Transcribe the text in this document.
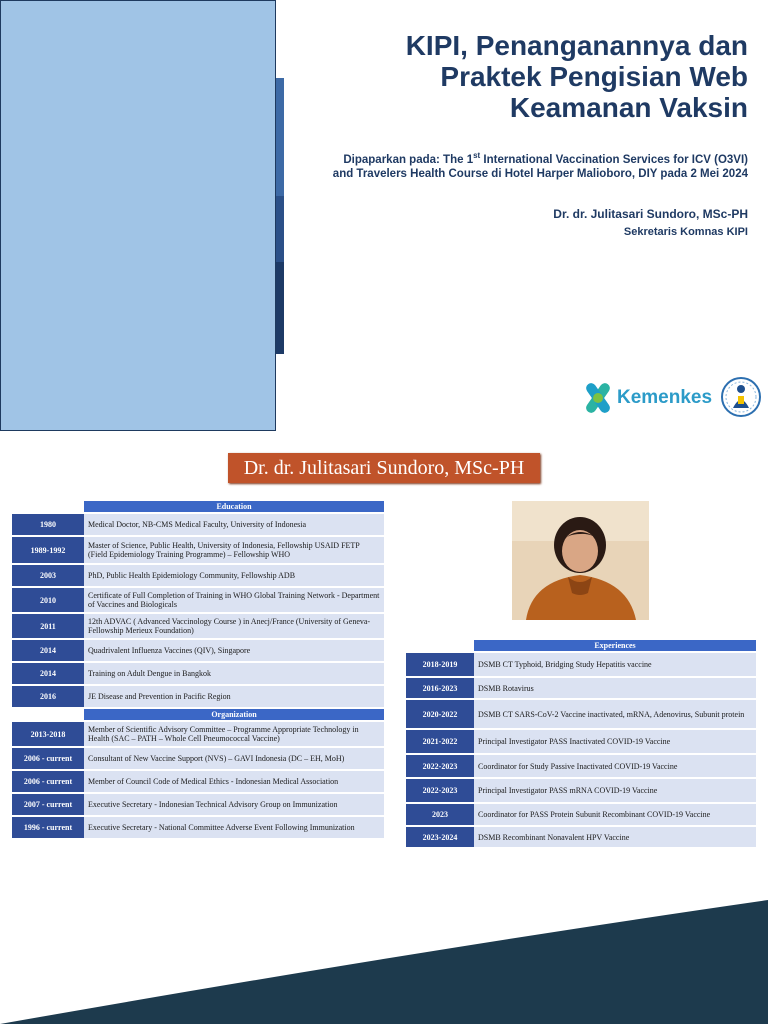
KIPI, Penanganannya dan
Praktek Pengisian Web
Keamanan Vaksin
Dipaparkan pada: The 1st International Vaccination Services for ICV (O3VI)
and Travelers Health Course di Hotel Harper Malioboro, DIY pada 2 Mei 2024
Dr. dr. Julitasari Sundoro, MSc-PH
Sekretaris Komnas KIPI
Kemenkes
Dr. dr. Julitasari Sundoro, MSc-PH
	Education
1980	Medical Doctor, NB-CMS Medical Faculty, University of Indonesia
1989-1992	Master of Science, Public Health, University of Indonesia, Fellowship USAID FETP (Field Epidemiology Training Programme) – Fellowship WHO
2003	PhD, Public Health Epidemiology Community, Fellowship ADB
2010	Certificate of Full Completion of Training in WHO Global Training Network - Department of Vaccines and Biologicals
2011	12th ADVAC ( Advanced Vaccinology Course ) in Anecj/France (University of Geneva-Fellowship Merieux Foundation)
2014	Quadrivalent Influenza Vaccines (QIV), Singapore
2014	Training on Adult Dengue in Bangkok
2016	JE Disease and Prevention in Pacific Region
	Organization
2013-2018	Member of Scientific Advisory Committee – Programme Appropriate Technology in Health (SAC – PATH – Whole Cell Pneumococcal Vaccine)
2006 - current	Consultant of New Vaccine Support (NVS) – GAVI Indonesia (DC – EH, MoH)
2006 - current	Member of Council Code of Medical Ethics - Indonesian Medical Association
2007 - current	Executive Secretary - Indonesian Technical Advisory Group on Immunization
1996 - current	Executive Secretary - National Committee Adverse Event Following Immunization
	Experiences
2018-2019	DSMB CT Typhoid, Bridging Study Hepatitis vaccine
2016-2023	DSMB Rotavirus
2020-2022	DSMB CT SARS-CoV-2 Vaccine inactivated, mRNA, Adenovirus, Subunit protein
2021-2022	Principal Investigator PASS Inactivated COVID-19 Vaccine
2022-2023	Coordinator for Study Passive Inactivated COVID-19 Vaccine
2022-2023	Principal Investigator PASS mRNA COVID-19 Vaccine
2023	Coordinator for PASS Protein Subunit Recombinant COVID-19 Vaccine
2023-2024	DSMB Recombinant Nonavalent HPV Vaccine
